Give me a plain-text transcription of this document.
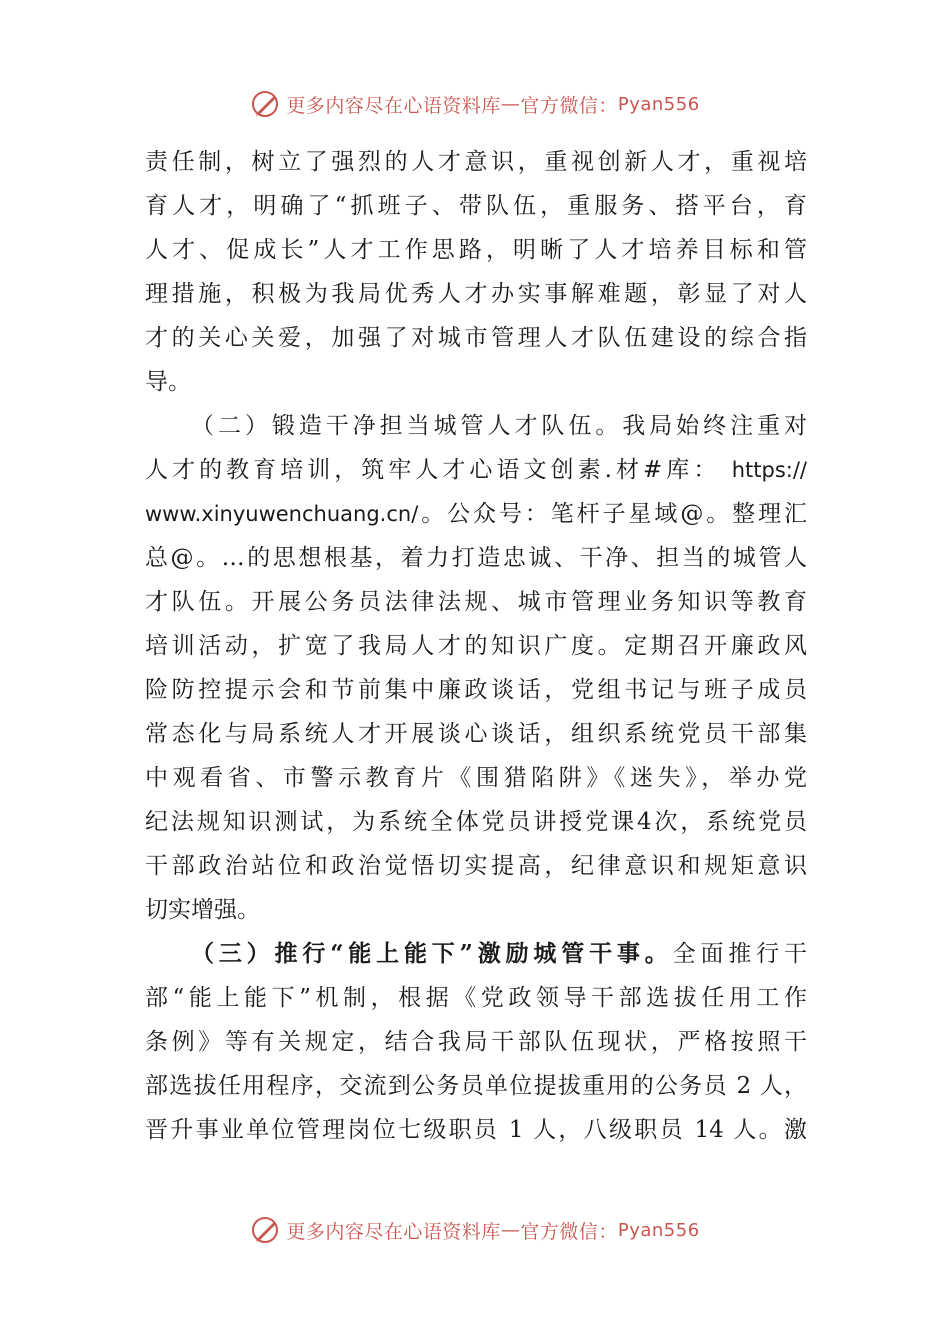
更多内容尽在心语资料库 — 官方微信： Pyan556
责任制，树立了强烈的人才意识，重视创新人才，重视培
育人才，明确了“抓班子、带队伍，重服务、搭平台，育
人才、促成长”人才工作思路，明晰了人才培养目标和管
理措施，积极为我局优秀人才办实事解难题，彰显了对人
才的关心关爱，加强了对城市管理人才队伍建设的综合指
导。
（二）锻造干净担当城管人才队伍。我局始终注重对
人才的教育培训，筑牢人才心语文创素.材#库： https://
www.xinyuwenchuang.cn/。公众号：笔杆子星域@。整理汇
总@。…的思想根基，着力打造忠诚、干净、担当的城管人
才队伍。开展公务员法律法规、城市管理业务知识等教育
培训活动，扩宽了我局人才的知识广度。定期召开廉政风
险防控提示会和节前集中廉政谈话，党组书记与班子成员
常态化与局系统人才开展谈心谈话，组织系统党员干部集
中观看省、市警示教育片《围猎陷阱》《迷失》，举办党
纪法规知识测试，为系统全体党员讲授党课4次，系统党员
干部政治站位和政治觉悟切实提高，纪律意识和规矩意识
切实增强。
（三）推行“能上能下”激励城管干事。全面推行干
部“能上能下”机制，根据《党政领导干部选拔任用工作
条例》等有关规定，结合我局干部队伍现状，严格按照干
部选拔任用程序，交流到公务员单位提拔重用的公务员 2 人，
晋升事业单位管理岗位七级职员 1 人，八级职员 14 人。激
更多内容尽在心语资料库 — 官方微信： Pyan556
